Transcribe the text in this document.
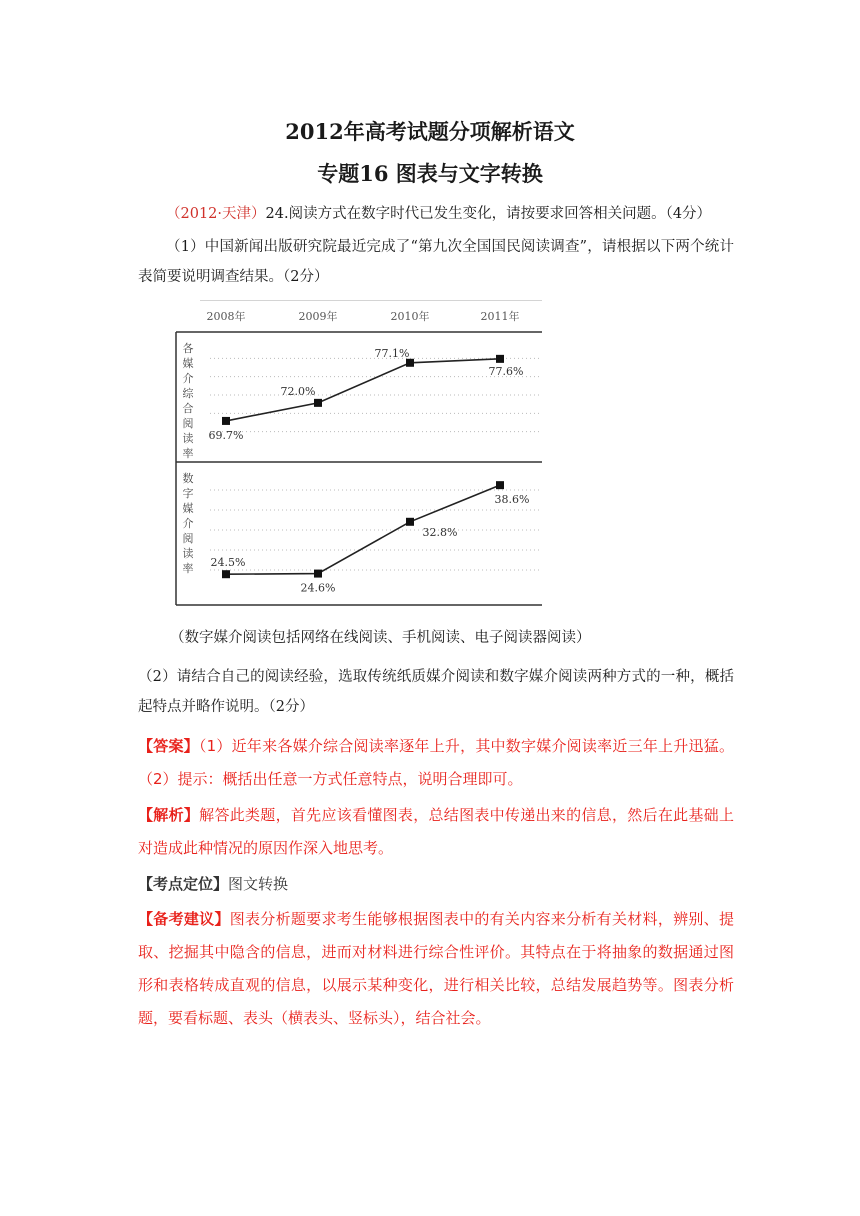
2012年高考试题分项解析语文
专题16 图表与文字转换
（2012·天津）24.阅读方式在数字时代已发生变化，请按要求回答相关问题。（4分）
（1）中国新闻出版研究院最近完成了“第九次全国国民阅读调查”，请根据以下两个统计表简要说明调查结果。（2分）
2008年	2009年	2010年	2011年
各
媒
介
综
合
阅
读
率
69.7%
72.0%
77.1%
77.6%
数
字
媒
介
阅
读
率 24.5%
24.6%
32.8%
38.6%
（数字媒介阅读包括网络在线阅读、手机阅读、电子阅读器阅读）
（2）请结合自己的阅读经验，选取传统纸质媒介阅读和数字媒介阅读两种方式的一种，概括起特点并略作说明。（2分）
【答案】（1）近年来各媒介综合阅读率逐年上升，其中数字媒介阅读率近三年上升迅猛。（2）提示：概括出任意一方式任意特点，说明合理即可。
【解析】解答此类题，首先应该看懂图表，总结图表中传递出来的信息，然后在此基础上对造成此种情况的原因作深入地思考。
【考点定位】图文转换
【备考建议】图表分析题要求考生能够根据图表中的有关内容来分析有关材料，辨别、提取、挖掘其中隐含的信息，进而对材料进行综合性评价。其特点在于将抽象的数据通过图形和表格转成直观的信息，以展示某种变化，进行相关比较，总结发展趋势等。图表分析题，要看标题、表头（横表头、竖标头），结合社会。
